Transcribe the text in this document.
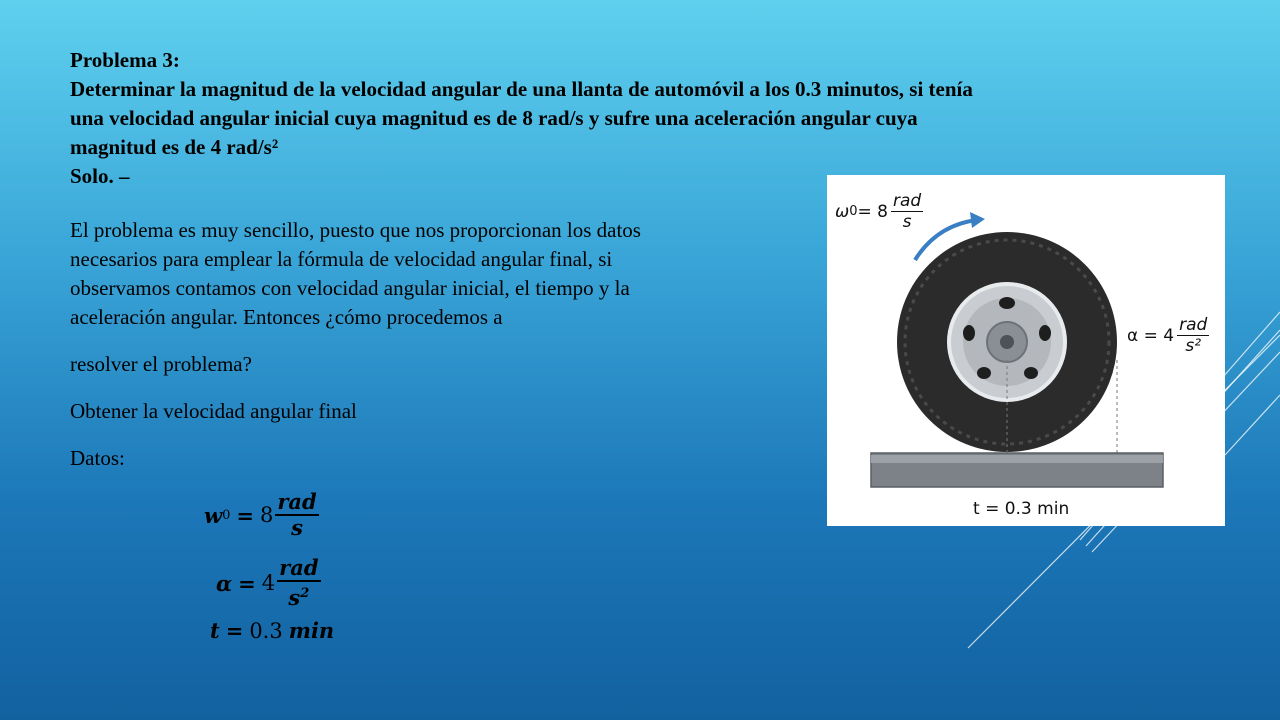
Problema 3:
Determinar la magnitud de la velocidad angular de una llanta de automóvil a los 0.3 minutos, si tenía
una velocidad angular inicial cuya magnitud es de 8 rad/s y sufre una aceleración angular cuya
magnitud es de 4 rad/s²
Solo. –

El problema es muy sencillo, puesto que nos proporcionan los datos
necesarios para emplear la fórmula de velocidad angular final, si
observamos contamos con velocidad angular inicial, el tiempo y la
aceleración angular. Entonces ¿cómo procedemos a

resolver el problema?

Obtener la velocidad angular final

Datos:

w $0 = 8 \frac{\text{rad}}{s}$
$\alpha = 4 \frac{\text{rad}}{s^2}$
t = 0.3 min
ω 0 = 8
rad
s
α = 4
rad
s²
t = 0.3 min
